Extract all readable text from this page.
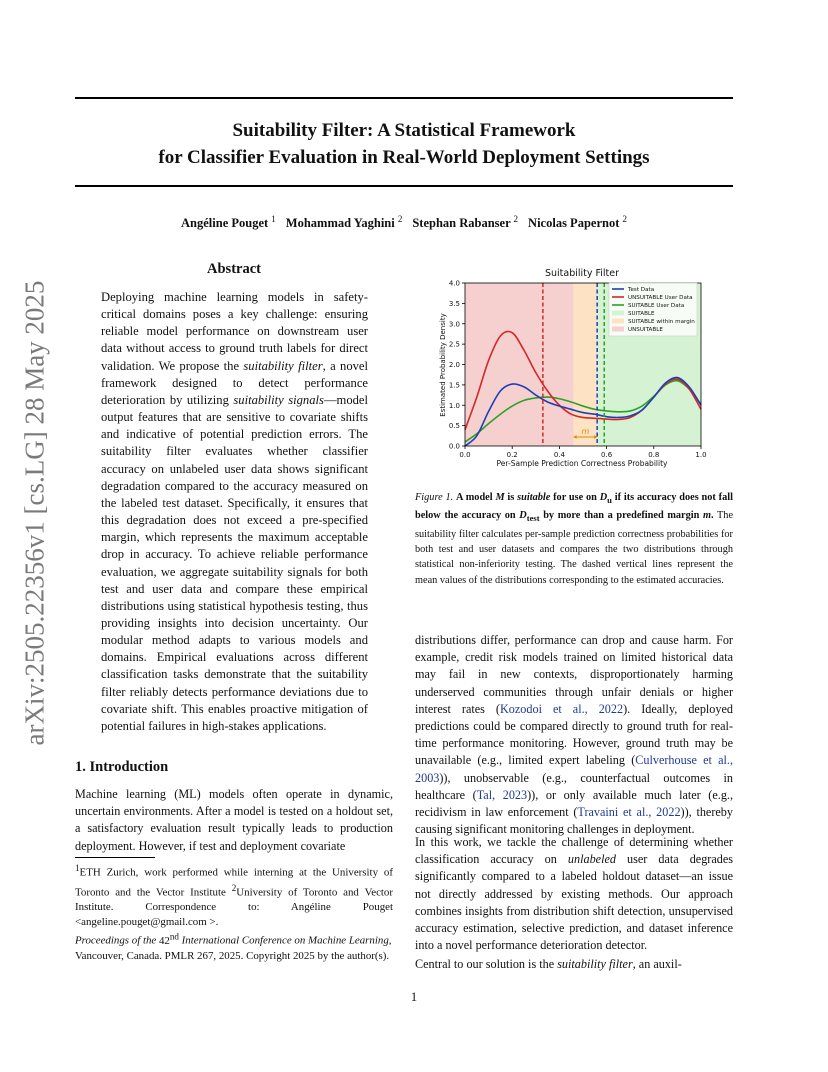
Suitability Filter: A Statistical Framework
for Classifier Evaluation in Real-World Deployment Settings
Angéline Pouget $^1$ Mohammad Yaghini $^2$ Stephan Rabanser $^2$ Nicolas Papernot $^2$
arXiv:2505.22356v1 [cs.LG] 28 May 2025
Abstract
Deploying machine learning models in safety-critical domains poses a key challenge: ensuring reliable model performance on downstream user data without access to ground truth labels for direct validation. We propose the suitability filter, a novel framework designed to detect performance deterioration by utilizing suitability signals—model output features that are sensitive to covariate shifts and indicative of potential prediction errors. The suitability filter evaluates whether classifier accuracy on unlabeled user data shows significant degradation compared to the accuracy measured on the labeled test dataset. Specifically, it ensures that this degradation does not exceed a pre-specified margin, which represents the maximum acceptable drop in accuracy. To achieve reliable performance evaluation, we aggregate suitability signals for both test and user data and compare these empirical distributions using statistical hypothesis testing, thus providing insights into decision uncertainty. Our modular method adapts to various models and domains. Empirical evaluations across different classification tasks demonstrate that the suitability filter reliably detects performance deviations due to covariate shift. This enables proactive mitigation of potential failures in high-stakes applications.
1. Introduction
Machine learning (ML) models often operate in dynamic, uncertain environments. After a model is tested on a holdout set, a satisfactory evaluation result typically leads to production deployment. However, if test and deployment covariate
$^1$ETH Zurich, work performed while interning at the University of Toronto and the Vector Institute $^2$University of Toronto and Vector Institute. Correspondence to: Angéline Pouget <angeline.pouget@gmail.com >.
Proceedings of the 42nd International Conference on Machine Learning, Vancouver, Canada. PMLR 267, 2025. Copyright 2025 by the author(s).
Suitability Filter
m
0.0	0.2	0.4	0.6	0.8	1.0
0.0
0.5
1.0
1.5
2.0
2.5
3.0
3.5
4.0
Test Data
UNSUITABLE User Data
SUITABLE User Data
SUITABLE
SUITABLE within margin
UNSUITABLE
Per-Sample Prediction Correctness Probability
Estimated Probability Density
Figure 1. A model M is suitable for use on $D_u$ if its accuracy does not fall below the accuracy on $D_{test}$ by more than a predefined margin m. The suitability filter calculates per-sample prediction correctness probabilities for both test and user datasets and compares the two distributions through statistical non-inferiority testing. The dashed vertical lines represent the mean values of the distributions corresponding to the estimated accuracies.
distributions differ, performance can drop and cause harm. For example, credit risk models trained on limited historical data may fail in new contexts, disproportionately harming underserved communities through unfair denials or higher interest rates (Kozodoi et al., 2022). Ideally, deployed predictions could be compared directly to ground truth for real-time performance monitoring. However, ground truth may be unavailable (e.g., limited expert labeling (Culverhouse et al., 2003)), unobservable (e.g., counterfactual outcomes in healthcare (Tal, 2023)), or only available much later (e.g., recidivism in law enforcement (Travaini et al., 2022)), thereby causing significant monitoring challenges in deployment.
In this work, we tackle the challenge of determining whether classification accuracy on unlabeled user data degrades significantly compared to a labeled holdout dataset—an issue not directly addressed by existing methods. Our approach combines insights from distribution shift detection, unsupervised accuracy estimation, selective prediction, and dataset inference into a novel performance deterioration detector.
Central to our solution is the suitability filter, an auxil-
1
